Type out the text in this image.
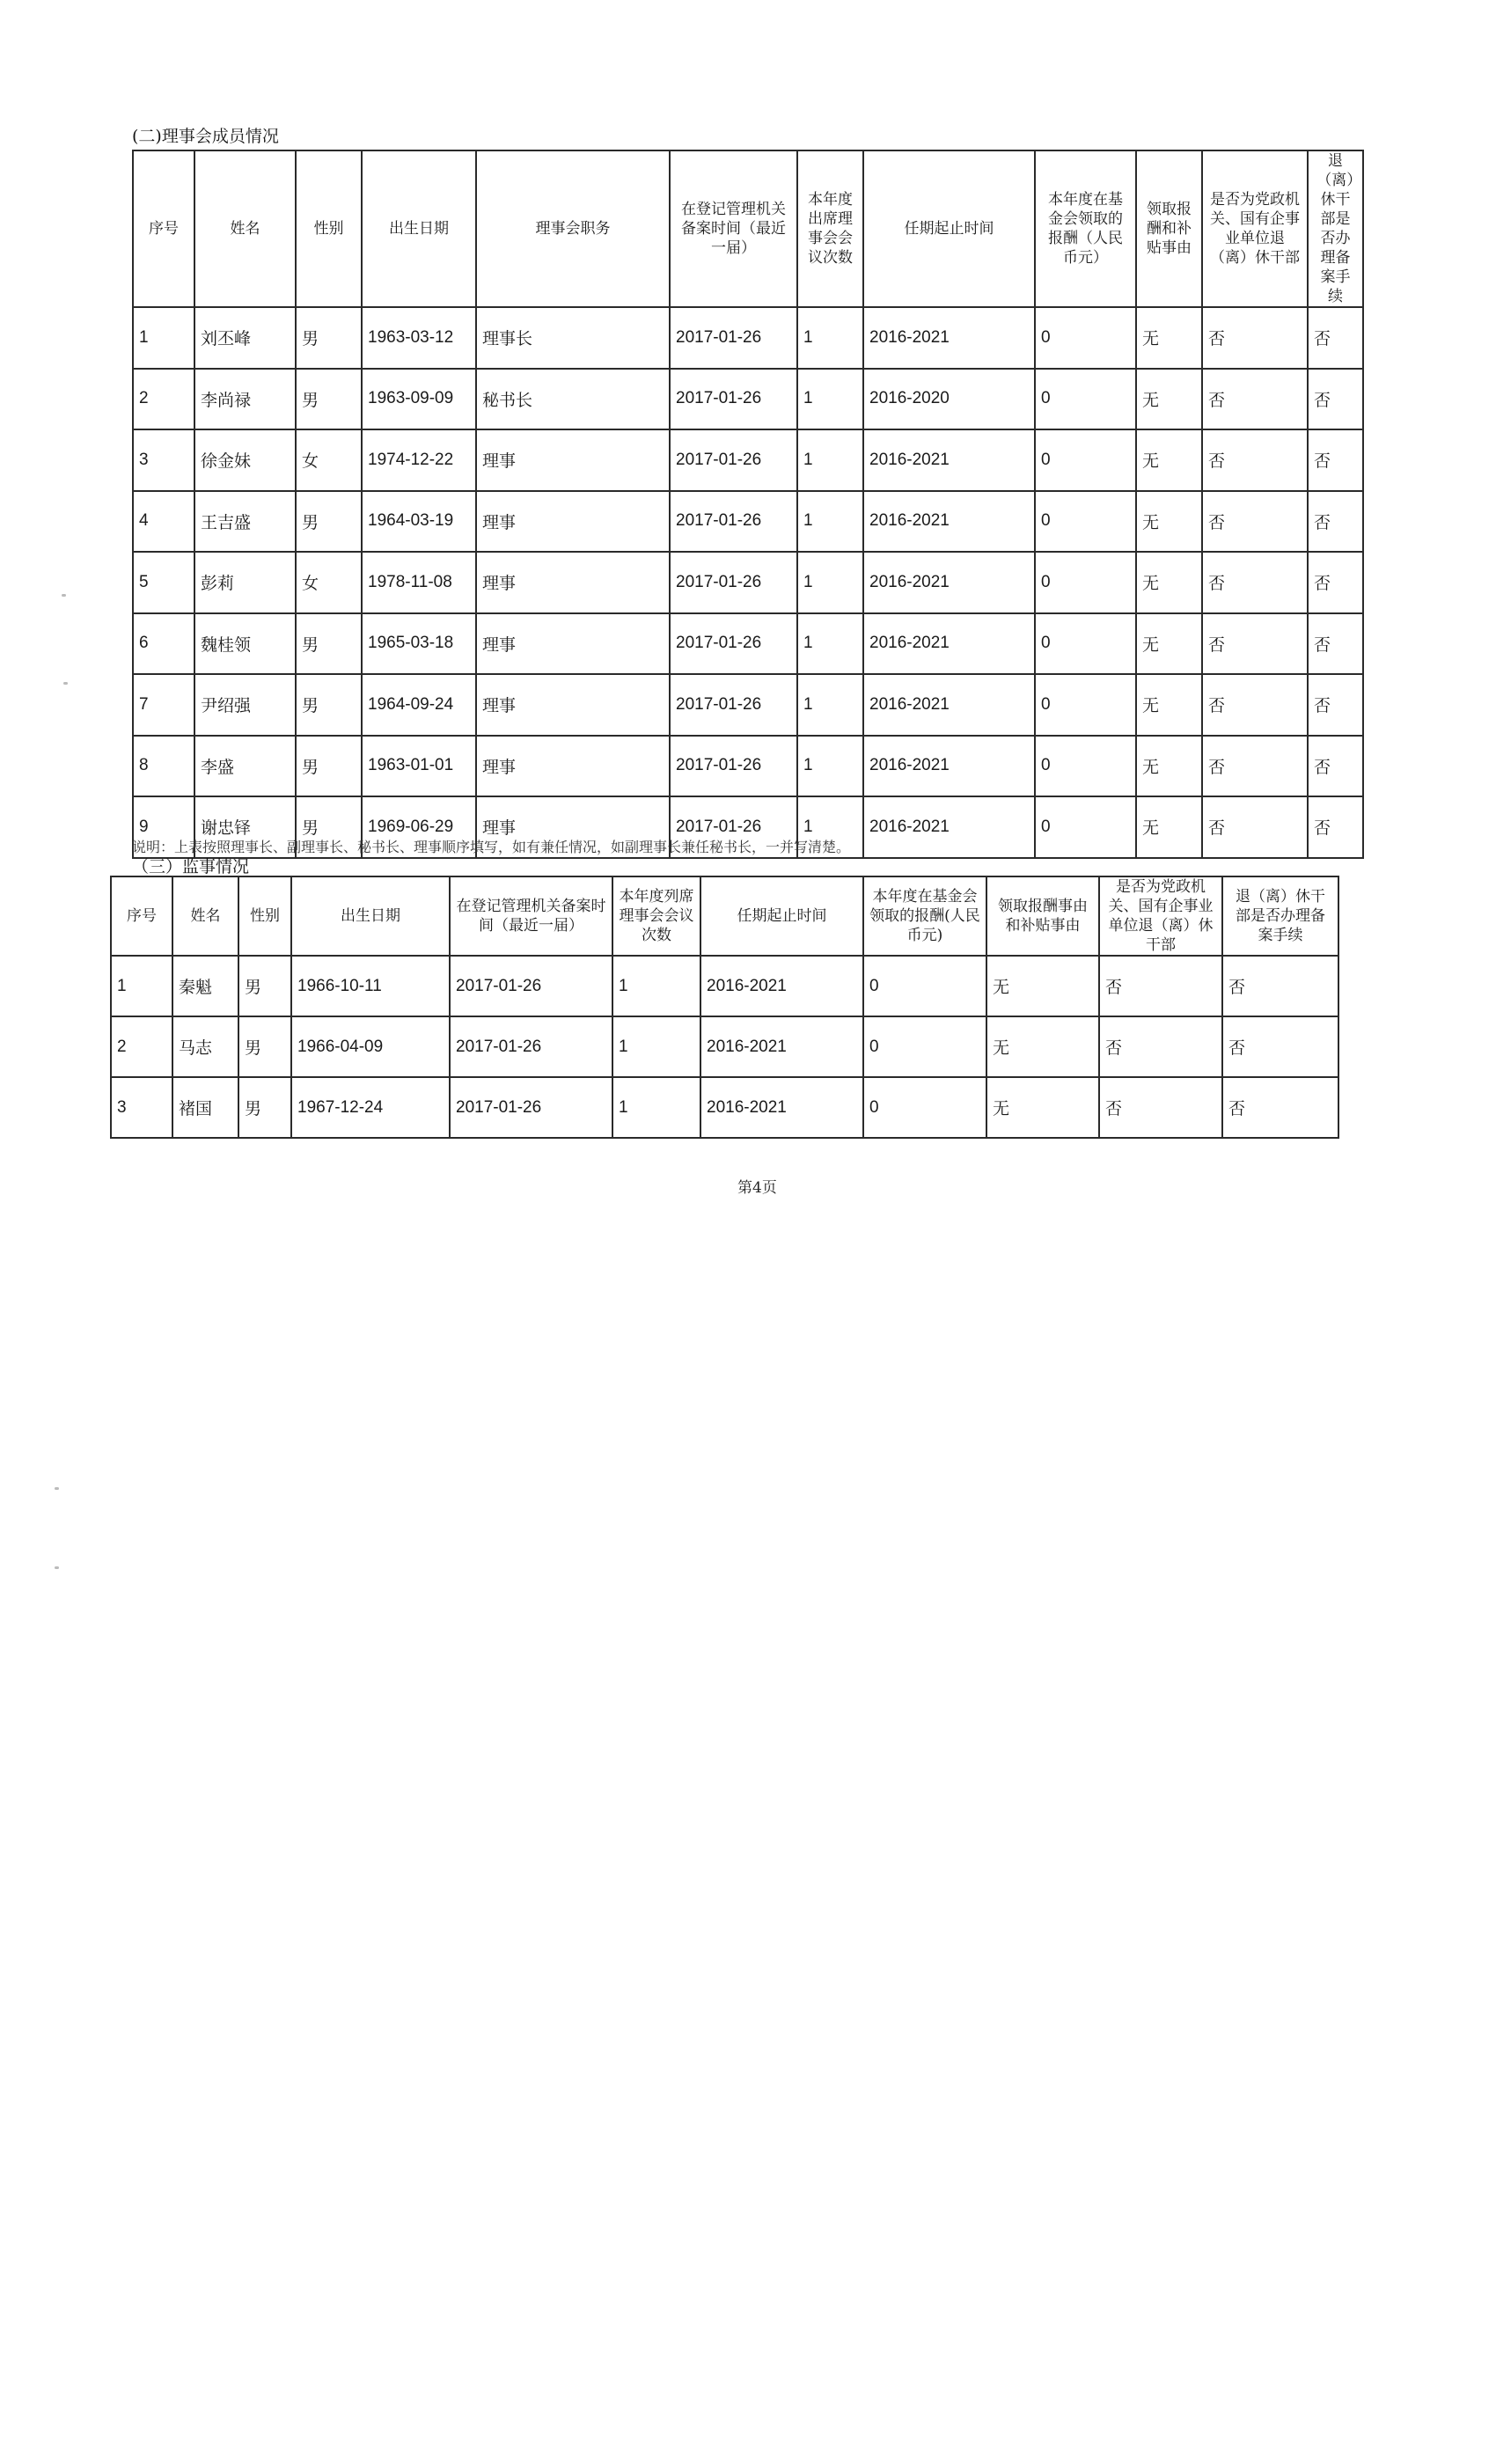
(二)理事会成员情况
序号	姓名	性别	出生日期	理事会职务	在登记管理机关备案时间（最近一届）	本年度出席理事会会议次数	任期起止时间	本年度在基金会领取的报酬（人民币元）	领取报酬和补贴事由	是否为党政机关、国有企事业单位退（离）休干部	退（离）休干部是否办理备案手续
1	刘丕峰	男	1963-03-12	理事长	2017-01-26	1	2016-2021	0	无	否	否
2	李尚禄	男	1963-09-09	秘书长	2017-01-26	1	2016-2020	0	无	否	否
3	徐金妹	女	1974-12-22	理事	2017-01-26	1	2016-2021	0	无	否	否
4	王吉盛	男	1964-03-19	理事	2017-01-26	1	2016-2021	0	无	否	否
5	彭莉	女	1978-11-08	理事	2017-01-26	1	2016-2021	0	无	否	否
6	魏桂领	男	1965-03-18	理事	2017-01-26	1	2016-2021	0	无	否	否
7	尹绍强	男	1964-09-24	理事	2017-01-26	1	2016-2021	0	无	否	否
8	李盛	男	1963-01-01	理事	2017-01-26	1	2016-2021	0	无	否	否
9	谢忠铎	男	1969-06-29	理事	2017-01-26	1	2016-2021	0	无	否	否
说明：上表按照理事长、副理事长、秘书长、理事顺序填写，如有兼任情况，如副理事长兼任秘书长，一并写清楚。
（三）监事情况
序号	姓名	性别	出生日期	在登记管理机关备案时间（最近一届）	本年度列席理事会会议次数	任期起止时间	本年度在基金会领取的报酬(人民币元)	领取报酬事由和补贴事由	是否为党政机关、国有企事业单位退（离）休干部	退（离）休干部是否办理备案手续
1	秦魁	男	1966-10-11	2017-01-26	1	2016-2021	0	无	否	否
2	马志	男	1966-04-09	2017-01-26	1	2016-2021	0	无	否	否
3	褚国	男	1967-12-24	2017-01-26	1	2016-2021	0	无	否	否
第4页
